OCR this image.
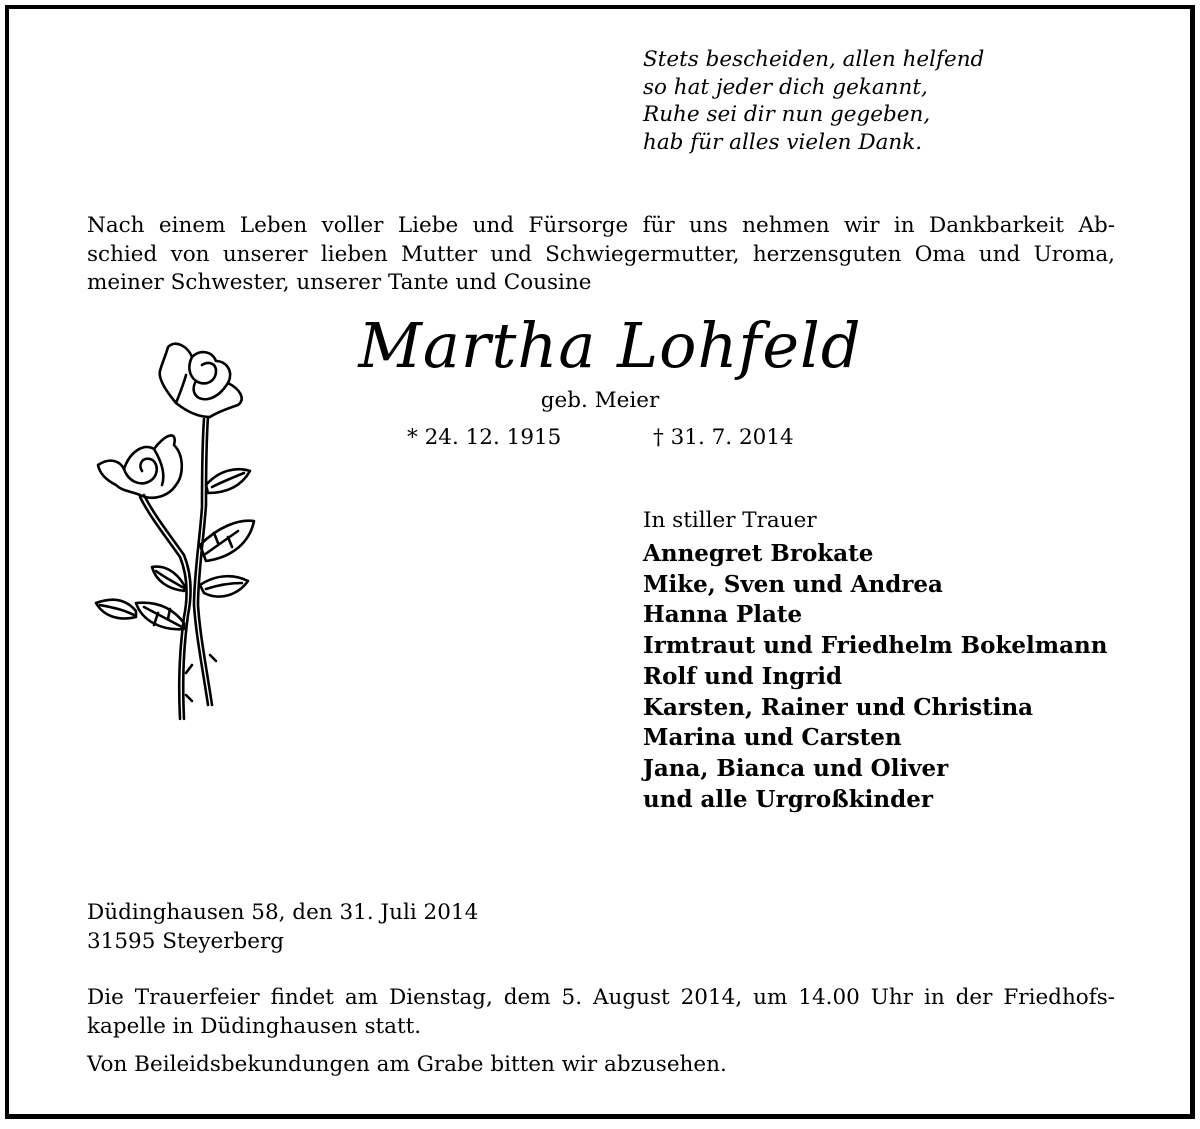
Stets bescheiden, allen helfend
so hat jeder dich gekannt,
Ruhe sei dir nun gegeben,
hab für alles vielen Dank.
Nach einem Leben voller Liebe und Fürsorge für uns nehmen wir in Dankbarkeit Ab-
schied von unserer lieben Mutter und Schwiegermutter, herzensguten Oma und Uroma,
meiner Schwester, unserer Tante und Cousine
Martha Lohfeld
geb. Meier
* 24. 12. 1915	† 31. 7. 2014
In stiller Trauer
Annegret Brokate
Mike, Sven und Andrea
Hanna Plate
Irmtraut und Friedhelm Bokelmann
Rolf und Ingrid
Karsten, Rainer und Christina
Marina und Carsten
Jana, Bianca und Oliver
und alle Urgroßkinder
Düdinghausen 58, den 31. Juli 2014
31595 Steyerberg
Die Trauerfeier findet am Dienstag, dem 5. August 2014, um 14.00 Uhr in der Friedhofs-
kapelle in Düdinghausen statt.
Von Beileidsbekundungen am Grabe bitten wir abzusehen.
